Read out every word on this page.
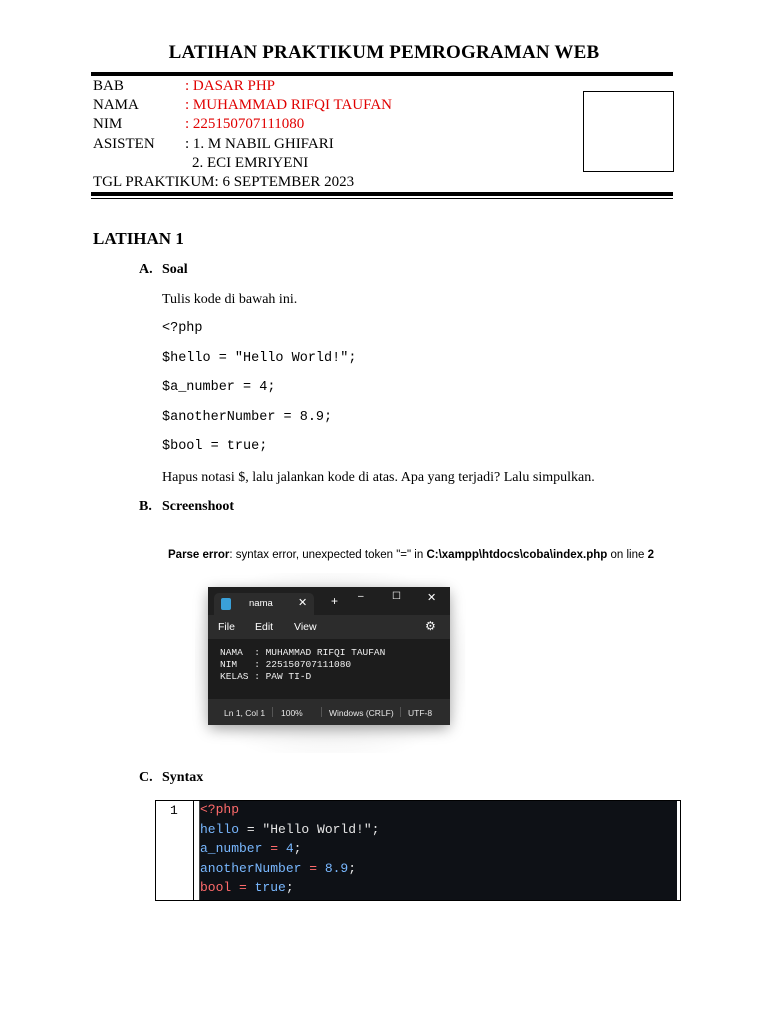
LATIHAN PRAKTIKUM PEMROGRAMAN WEB
BAB	: DASAR PHP
NAMA	: MUHAMMAD RIFQI TAUFAN
NIM	: 225150707111080
ASISTEN : 1. M NABIL GHIFARI
2. ECI EMRIYENI
TGL PRAKTIKUM: 6 SEPTEMBER 2023
LATIHAN 1
A. Soal
Tulis kode di bawah ini.
<?php
$hello = "Hello World!";
$a_number = 4;
$anotherNumber = 8.9;
$bool = true;
Hapus notasi $, lalu jalankan kode di atas. Apa yang terjadi? Lalu simpulkan.
B. Screenshoot
Parse error: syntax error, unexpected token "=" in C:\xampp\htdocs\coba\index.php on line 2
nama ✕ + –	☐ ✕
File Edit View	⚙
NAMA  : MUHAMMAD RIFQI TAUFAN
NIM   : 225150707111080
KELAS : PAW TI-D
Ln 1, Col 1 100%	Windows (CRLF) UTF-8
C. Syntax
1 <?php
hello = "Hello World!";
a_number = 4;
anotherNumber = 8.9;
bool = true;
